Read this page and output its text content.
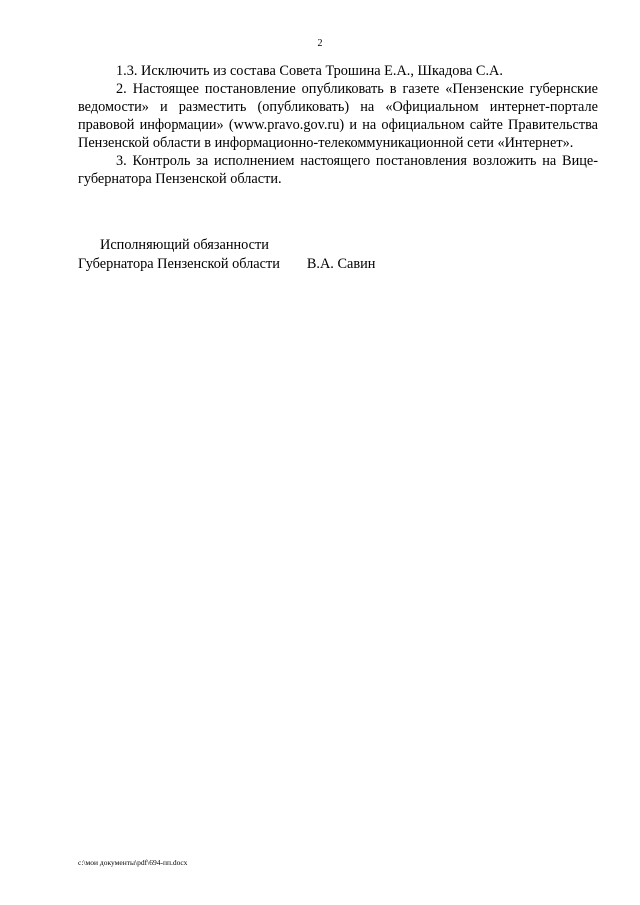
2

1.3. Исключить из состава Совета Трошина Е.А., Шкадова С.А.

2. Настоящее постановление опубликовать в газете «Пензенские губернские ведомости» и разместить (опубликовать) на «Официальном интернет-портале правовой информации» (www.pravo.gov.ru) и на официальном сайте Правительства Пензенской области в информационно-телекоммуникационной сети «Интернет».

3. Контроль за исполнением настоящего постановления возложить на Вице-губернатора Пензенской области.

Исполняющий обязанности
Губернатора Пензенской области В.А. Савин
c:\мои документы\pdf\694-пп.docx
